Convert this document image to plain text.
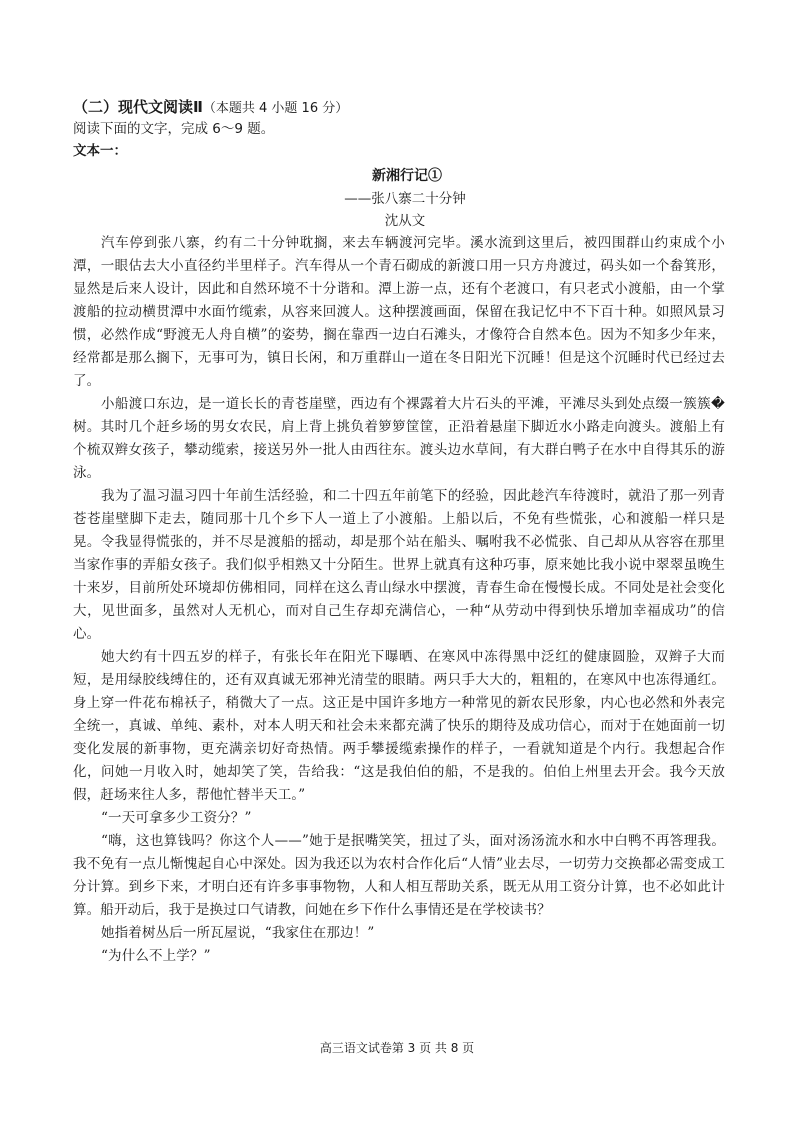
（二）现代文阅读Ⅱ（本题共 4 小题 16 分）
阅读下面的文字，完成 6～9 题。
文本一：
新湘行记①
——张八寨二十分钟
沈从文

汽车停到张八寨，约有二十分钟耽搁，来去车辆渡河完毕。溪水流到这里后，被四围群山约束成个小潭，一眼估去大小直径约半里样子。汽车得从一个青石砌成的新渡口用一只方舟渡过，码头如一个畚箕形，显然是后来人设计，因此和自然环境不十分谐和。潭上游一点，还有个老渡口，有只老式小渡船，由一个掌渡船的拉动横贯潭中水面竹缆索，从容来回渡人。这种摆渡画面，保留在我记忆中不下百十种。如照风景习惯，必然作成“野渡无人舟自横”的姿势，搁在靠西一边白石滩头，才像符合自然本色。因为不知多少年来，经常都是那么搁下，无事可为，镇日长闲，和万重群山一道在冬日阳光下沉睡！但是这个沉睡时代已经过去了。

小船渡口东边，是一道长长的青苍崖壁，西边有个裸露着大片石头的平滩，平滩尽头到处点缀一簇簇�树。其时几个赶乡场的男女农民，肩上背上挑负着箩箩筐筐，正沿着悬崖下脚近水小路走向渡头。渡船上有个梳双辫女孩子，攀动缆索，接送另外一批人由西往东。渡头边水草间，有大群白鸭子在水中自得其乐的游泳。

我为了温习温习四十年前生活经验，和二十四五年前笔下的经验，因此趁汽车待渡时，就沿了那一列青苍苍崖壁脚下走去，随同那十几个乡下人一道上了小渡船。上船以后，不免有些慌张，心和渡船一样只是晃。令我显得慌张的，并不尽是渡船的摇动，却是那个站在船头、嘱咐我不必慌张、自己却从从容容在那里当家作事的弄船女孩子。我们似乎相熟又十分陌生。世界上就真有这种巧事，原来她比我小说中翠翠虽晚生十来岁，目前所处环境却仿佛相同，同样在这么青山绿水中摆渡，青春生命在慢慢长成。不同处是社会变化大，见世面多，虽然对人无机心，而对自己生存却充满信心，一种“从劳动中得到快乐增加幸福成功”的信心。

她大约有十四五岁的样子，有张长年在阳光下曝晒、在寒风中冻得黑中泛红的健康圆脸，双辫子大而短，是用绿胶线缚住的，还有双真诚无邪神光清莹的眼睛。两只手大大的，粗粗的，在寒风中也冻得通红。身上穿一件花布棉袄子，稍微大了一点。这正是中国许多地方一种常见的新农民形象，内心也必然和外表完全统一，真诚、单纯、素朴，对本人明天和社会未来都充满了快乐的期待及成功信心，而对于在她面前一切变化发展的新事物，更充满亲切好奇热情。两手攀援缆索操作的样子，一看就知道是个内行。我想起合作化，问她一月收入时，她却笑了笑，告给我：“这是我伯伯的船，不是我的。伯伯上州里去开会。我今天放假，赶场来往人多，帮他忙替半天工。”

“一天可拿多少工资分？”

“嗨，这也算钱吗？你这个人——”她于是抿嘴笑笑，扭过了头，面对汤汤流水和水中白鸭不再答理我。我不免有一点儿惭愧起自心中深处。因为我还以为农村合作化后“人情”业去尽，一切劳力交换都必需变成工分计算。到乡下来，才明白还有许多事事物物，人和人相互帮助关系，既无从用工资分计算，也不必如此计算。船开动后，我于是换过口气请教，问她在乡下作什么事情还是在学校读书？

她指着树丛后一所瓦屋说，“我家住在那边！”

“为什么不上学？”

高三语文试卷第 3 页 共 8 页
